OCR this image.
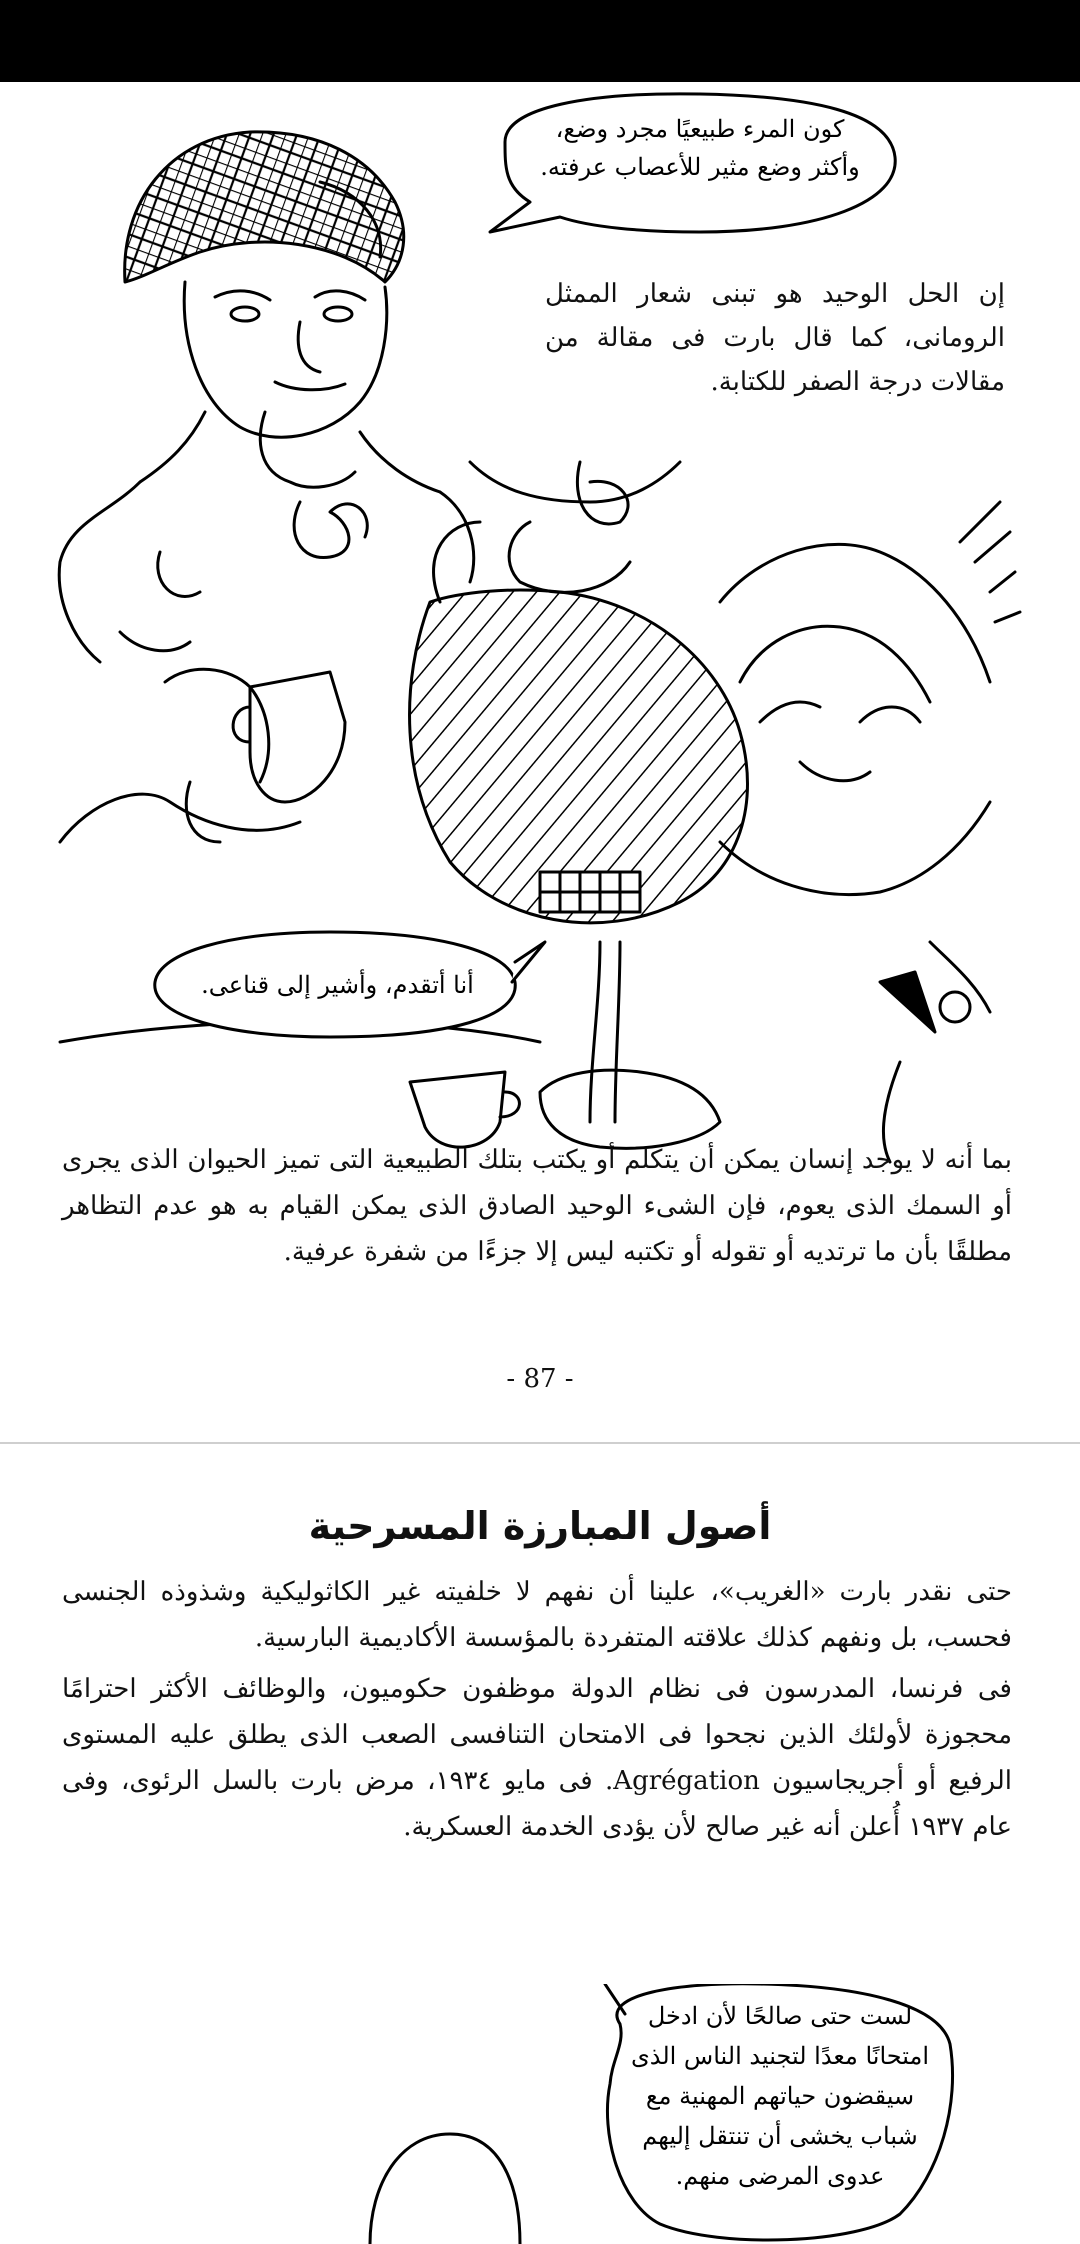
كون المرء طبيعيًا مجرد وضع،
وأكثر وضع مثير للأعصاب عرفته.
إن الحل الوحيد هو تبنى شعار الممثل الرومانى، كما قال بارت فى مقالة من مقالات درجة الصفر للكتابة.
أنا أتقدم، وأشير إلى قناعى.
بما أنه لا يوجد إنسان يمكن أن يتكلم أو يكتب بتلك الطبيعية التى تميز الحيوان الذى يجرى أو السمك الذى يعوم، فإن الشىء الوحيد الصادق الذى يمكن القيام به هو عدم التظاهر مطلقًا بأن ما ترتديه أو تقوله أو تكتبه ليس إلا جزءًا من شفرة عرفية.
- 87 -
أصول المبارزة المسرحية
حتى نقدر بارت «الغريب»، علينا أن نفهم لا خلفيته غير الكاثوليكية وشذوذه الجنسى فحسب، بل ونفهم كذلك علاقته المتفردة بالمؤسسة الأكاديمية البارسية.
فى فرنسا، المدرسون فى نظام الدولة موظفون حكوميون، والوظائف الأكثر احترامًا محجوزة لأولئك الذين نجحوا فى الامتحان التنافسى الصعب الذى يطلق عليه المستوى الرفيع أو أجريجاسيون Agrégation. فى مايو ١٩٣٤، مرض بارت بالسل الرئوى، وفى عام ١٩٣٧ أُعلن أنه غير صالح لأن يؤدى الخدمة العسكرية.
لست حتى صالحًا لأن ادخل
امتحانًا معدًا لتجنيد الناس الذى
سيقضون حياتهم المهنية مع
شباب يخشى أن تنتقل إليهم
عدوى المرضى منهم.
